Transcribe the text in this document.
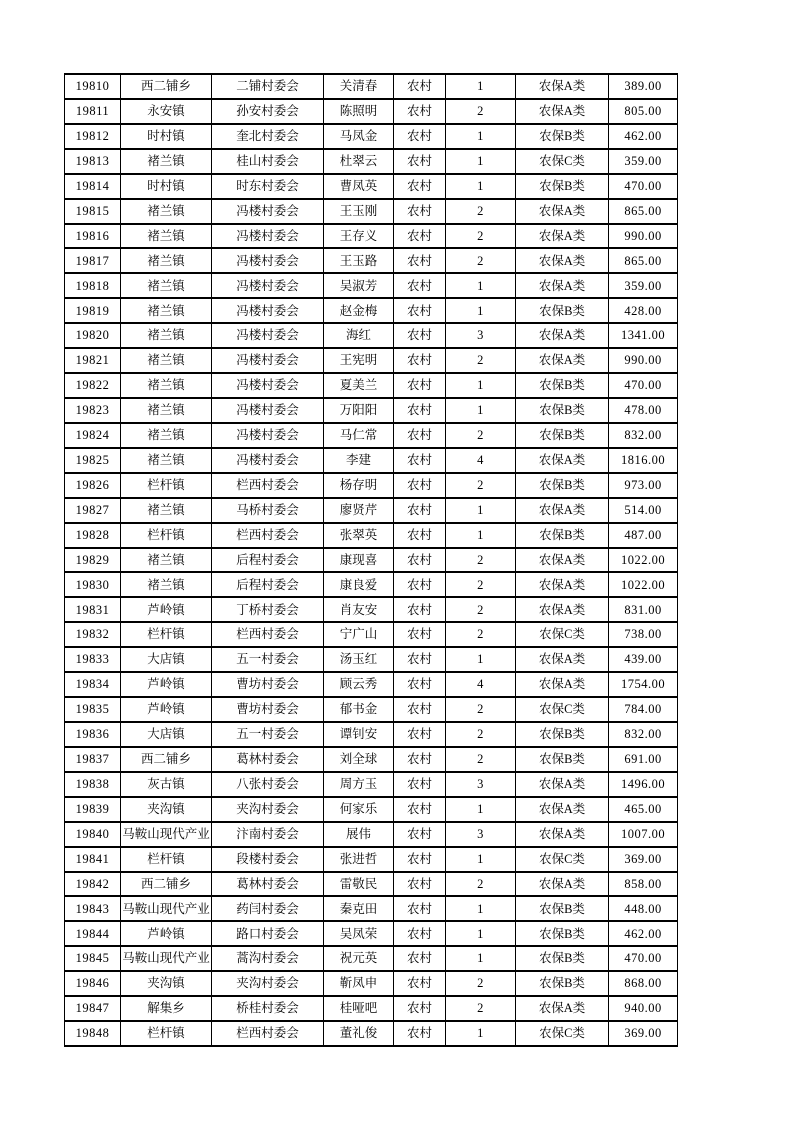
19810	西二铺乡	二铺村委会	关清春	农村	1	农保A类	389.00
19811	永安镇	孙安村委会	陈照明	农村	2	农保A类	805.00
19812	时村镇	奎北村委会	马凤金	农村	1	农保B类	462.00
19813	褚兰镇	桂山村委会	杜翠云	农村	1	农保C类	359.00
19814	时村镇	时东村委会	曹凤英	农村	1	农保B类	470.00
19815	褚兰镇	冯楼村委会	王玉刚	农村	2	农保A类	865.00
19816	褚兰镇	冯楼村委会	王存义	农村	2	农保A类	990.00
19817	褚兰镇	冯楼村委会	王玉路	农村	2	农保A类	865.00
19818	褚兰镇	冯楼村委会	吴淑芳	农村	1	农保A类	359.00
19819	褚兰镇	冯楼村委会	赵金梅	农村	1	农保B类	428.00
19820	褚兰镇	冯楼村委会	海红	农村	3	农保A类	1341.00
19821	褚兰镇	冯楼村委会	王宪明	农村	2	农保A类	990.00
19822	褚兰镇	冯楼村委会	夏美兰	农村	1	农保B类	470.00
19823	褚兰镇	冯楼村委会	万阳阳	农村	1	农保B类	478.00
19824	褚兰镇	冯楼村委会	马仁常	农村	2	农保B类	832.00
19825	褚兰镇	冯楼村委会	李建	农村	4	农保A类	1816.00
19826	栏杆镇	栏西村委会	杨存明	农村	2	农保B类	973.00
19827	褚兰镇	马桥村委会	廖贤芹	农村	1	农保A类	514.00
19828	栏杆镇	栏西村委会	张翠英	农村	1	农保B类	487.00
19829	褚兰镇	后程村委会	康现喜	农村	2	农保A类	1022.00
19830	褚兰镇	后程村委会	康良爱	农村	2	农保A类	1022.00
19831	芦岭镇	丁桥村委会	肖友安	农村	2	农保A类	831.00
19832	栏杆镇	栏西村委会	宁广山	农村	2	农保C类	738.00
19833	大店镇	五一村委会	汤玉红	农村	1	农保A类	439.00
19834	芦岭镇	曹坊村委会	顾云秀	农村	4	农保A类	1754.00
19835	芦岭镇	曹坊村委会	郁书金	农村	2	农保C类	784.00
19836	大店镇	五一村委会	谭钊安	农村	2	农保B类	832.00
19837	西二铺乡	葛林村委会	刘全球	农村	2	农保B类	691.00
19838	灰古镇	八张村委会	周方玉	农村	3	农保A类	1496.00
19839	夹沟镇	夹沟村委会	何家乐	农村	1	农保A类	465.00
19840	马鞍山现代产业	汴南村委会	展伟	农村	3	农保A类	1007.00
19841	栏杆镇	段楼村委会	张进哲	农村	1	农保C类	369.00
19842	西二铺乡	葛林村委会	雷敬民	农村	2	农保A类	858.00
19843	马鞍山现代产业	药闫村委会	秦克田	农村	1	农保B类	448.00
19844	芦岭镇	路口村委会	吴凤荣	农村	1	农保B类	462.00
19845	马鞍山现代产业	蒿沟村委会	祝元英	农村	1	农保B类	470.00
19846	夹沟镇	夹沟村委会	靳凤申	农村	2	农保B类	868.00
19847	解集乡	桥桂村委会	桂哑吧	农村	2	农保A类	940.00
19848	栏杆镇	栏西村委会	董礼俊	农村	1	农保C类	369.00
